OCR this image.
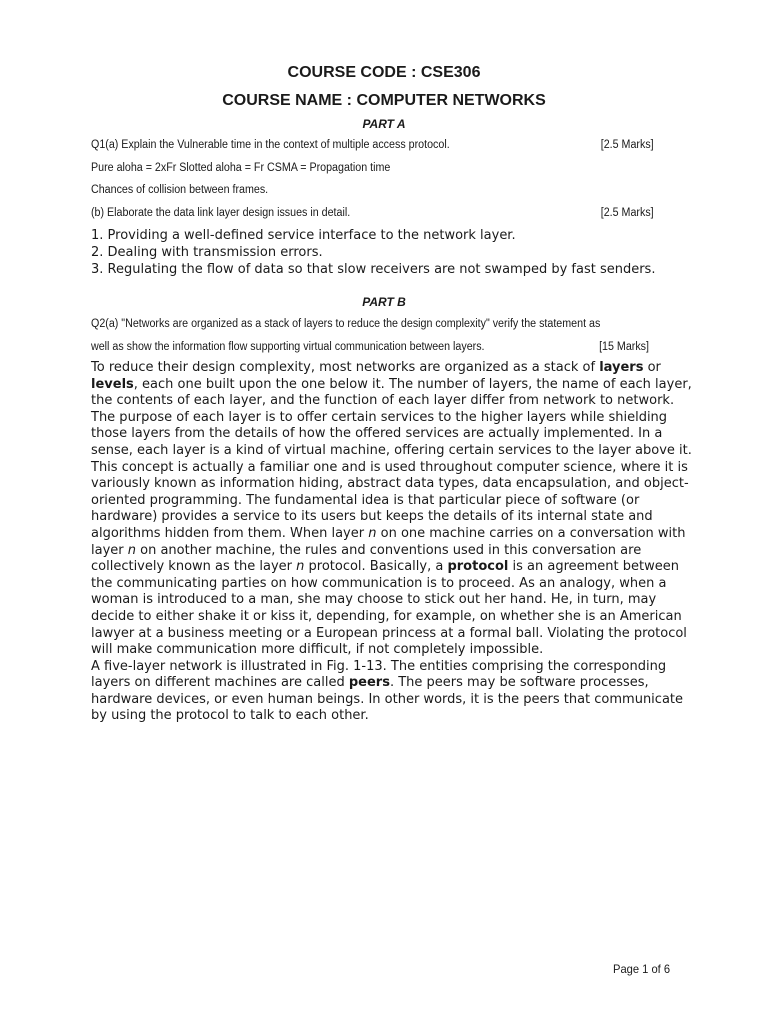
COURSE CODE : CSE306
COURSE NAME : COMPUTER NETWORKS
PART A
Q1(a) Explain the Vulnerable time in the context of multiple access protocol.	[2.5 Marks]
Pure aloha = 2xFr Slotted aloha = Fr CSMA = Propagation time
Chances of collision between frames.
(b) Elaborate the data link layer design issues in detail.	[2.5 Marks]
1. Providing a well-defined service interface to the network layer.
2. Dealing with transmission errors.
3. Regulating the flow of data so that slow receivers are not swamped by fast senders.
PART B
Q2(a) "Networks are organized as a stack of layers to reduce the design complexity" verify the statement as
well as show the information flow supporting virtual communication between layers.	[15 Marks]

To reduce their design complexity, most networks are organized as a stack of layers or levels, each one built upon the one below it. The number of layers, the name of each layer, the contents of each layer, and the function of each layer differ from network to network. The purpose of each layer is to offer certain services to the higher layers while shielding those layers from the details of how the offered services are actually implemented. In a sense, each layer is a kind of virtual machine, offering certain services to the layer above it. This concept is actually a familiar one and is used throughout computer science, where it is variously known as information hiding, abstract data types, data encapsulation, and object-oriented programming. The fundamental idea is that particular piece of software (or hardware) provides a service to its users but keeps the details of its internal state and algorithms hidden from them. When layer n on one machine carries on a conversation with layer n on another machine, the rules and conventions used in this conversation are collectively known as the layer n protocol. Basically, a protocol is an agreement between the communicating parties on how communication is to proceed. As an analogy, when a woman is introduced to a man, she may choose to stick out her hand. He, in turn, may decide to either shake it or kiss it, depending, for example, on whether she is an American lawyer at a business meeting or a European princess at a formal ball. Violating the protocol will make communication more difficult, if not completely impossible.

A five-layer network is illustrated in Fig. 1-13. The entities comprising the corresponding layers on different machines are called peers. The peers may be software processes, hardware devices, or even human beings. In other words, it is the peers that communicate by using the protocol to talk to each other.

Page 1 of 6
